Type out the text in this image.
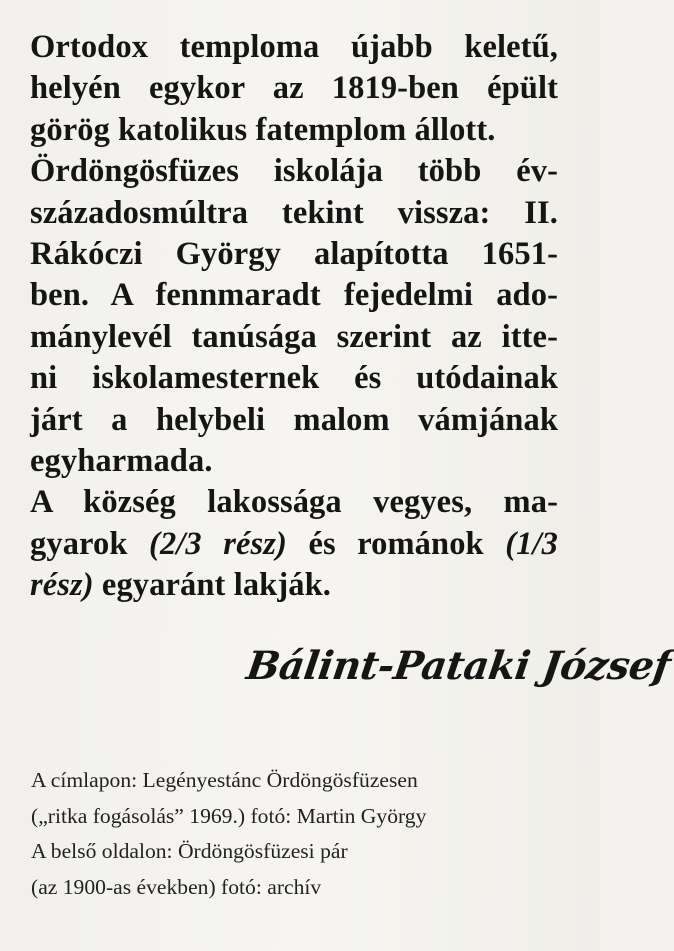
Ortodox temploma újabb keletű,
helyén egykor az 1819-ben épült
görög katolikus fatemplom állott.
Ördöngösfüzes iskolája több év-
századosmúltra tekint vissza: II.
Rákóczi György alapította 1651-
ben. A fennmaradt fejedelmi ado-
mánylevél tanúsága szerint az itte-
ni iskolamesternek és utódainak
járt a helybeli malom vámjának
egyharmada.
A község lakossága vegyes, ma-
gyarok (2/3 rész) és románok (1/3
rész) egyaránt lakják.
Bálint-Pataki József
A címlapon: Legényestánc Ördöngösfüzesen
(„ritka fogásolás” 1969.) fotó: Martin György
A belső oldalon: Ördöngösfüzesi pár
(az 1900-as években) fotó: archív
